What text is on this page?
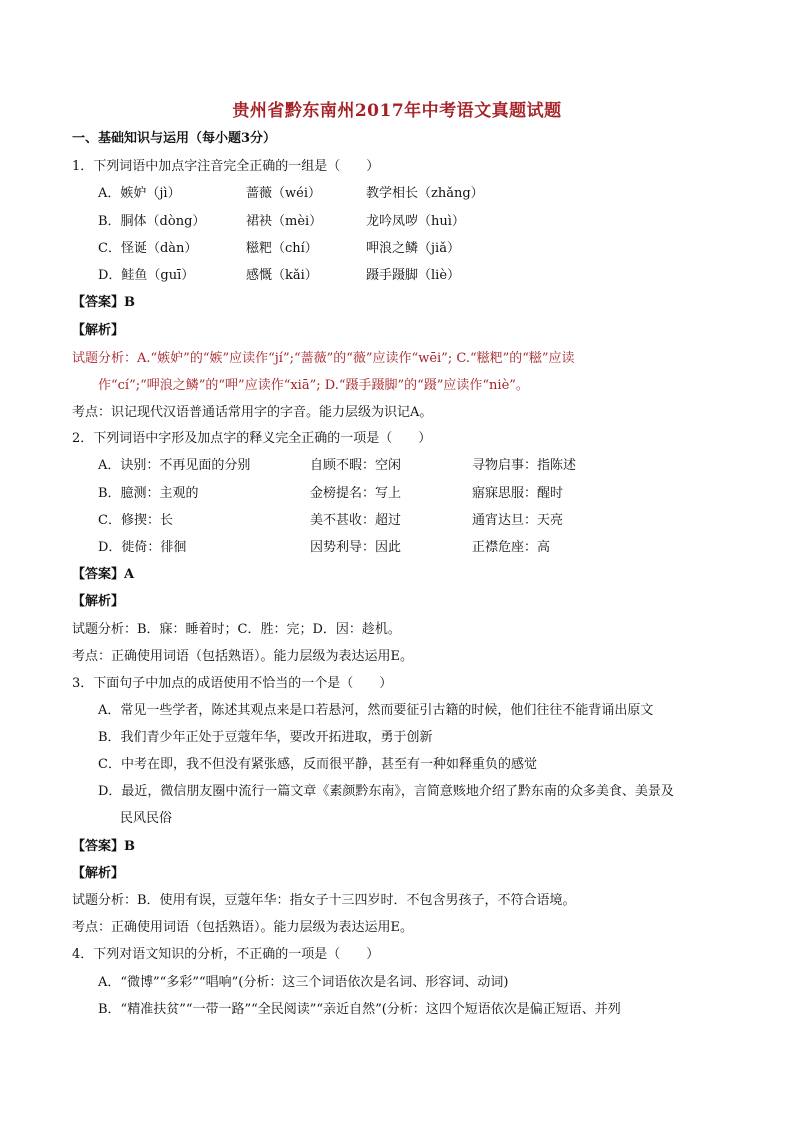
贵州省黔东南州2017年中考语文真题试题
一、基础知识与运用（每小题3分）
1．下列词语中加点字注音完全正确的一组是（　　）
A．嫉妒（jì）	蔷薇（wéi）	教学相长（zhǎng）
B．胴体（dòng）	裙袂（mèi）	龙吟凤哕（huì）
C．怪诞（dàn）	糍粑（chí）	呷浪之鳞（jiǎ）
D．鲑鱼（guī）	感慨（kǎi）	蹑手蹑脚（liè）
【答案】B
【解析】
试题分析：A.“嫉妒”的“嫉”应读作“jí”;“蔷薇”的“薇”应读作“wēi”; C.“糍粑”的“糍”应读
作“cí”;“呷浪之鳞”的“呷”应读作“xiā”; D.“蹑手蹑脚”的“蹑”应读作“niè”。
考点：识记现代汉语普通话常用字的字音。能力层级为识记A。
2．下列词语中字形及加点字的释义完全正确的一项是（　　）
A．诀别：不再见面的分别	自顾不暇：空闲	寻物启事：指陈述
B．臆测：主观的	金榜提名：写上	寤寐思服：醒时
C．修揳：长	美不甚收：超过	通宵达旦：天亮
D．徙倚：徘徊	因势利导：因此	正襟危座：高
【答案】A
【解析】
试题分析：B．寐：睡着时；C．胜：完；D．因：趁机。
考点：正确使用词语（包括熟语）。能力层级为表达运用E。
3．下面句子中加点的成语使用不恰当的一个是（　　）
A．常见一些学者，陈述其观点来是口若悬河，然而要征引古籍的时候，他们往往不能背诵出原文
B．我们青少年正处于豆蔻年华，要改开拓进取，勇于创新
C．中考在即，我不但没有紧张感，反而很平静，甚至有一种如释重负的感觉
D．最近，微信朋友圈中流行一篇文章《素颜黔东南》，言简意赅地介绍了黔东南的众多美食、美景及
民风民俗
【答案】B
【解析】
试题分析：B．使用有误，豆蔻年华：指女子十三四岁时．不包含男孩子，不符合语境。
考点：正确使用词语（包括熟语）。能力层级为表达运用E。
4．下列对语文知识的分析，不正确的一项是（　　）
A．“微博”“多彩”“唱响”(分析：这三个词语依次是名词、形容词、动词)
B．“精准扶贫”“一带一路”“全民阅读”“亲近自然”(分析：这四个短语依次是偏正短语、并列
